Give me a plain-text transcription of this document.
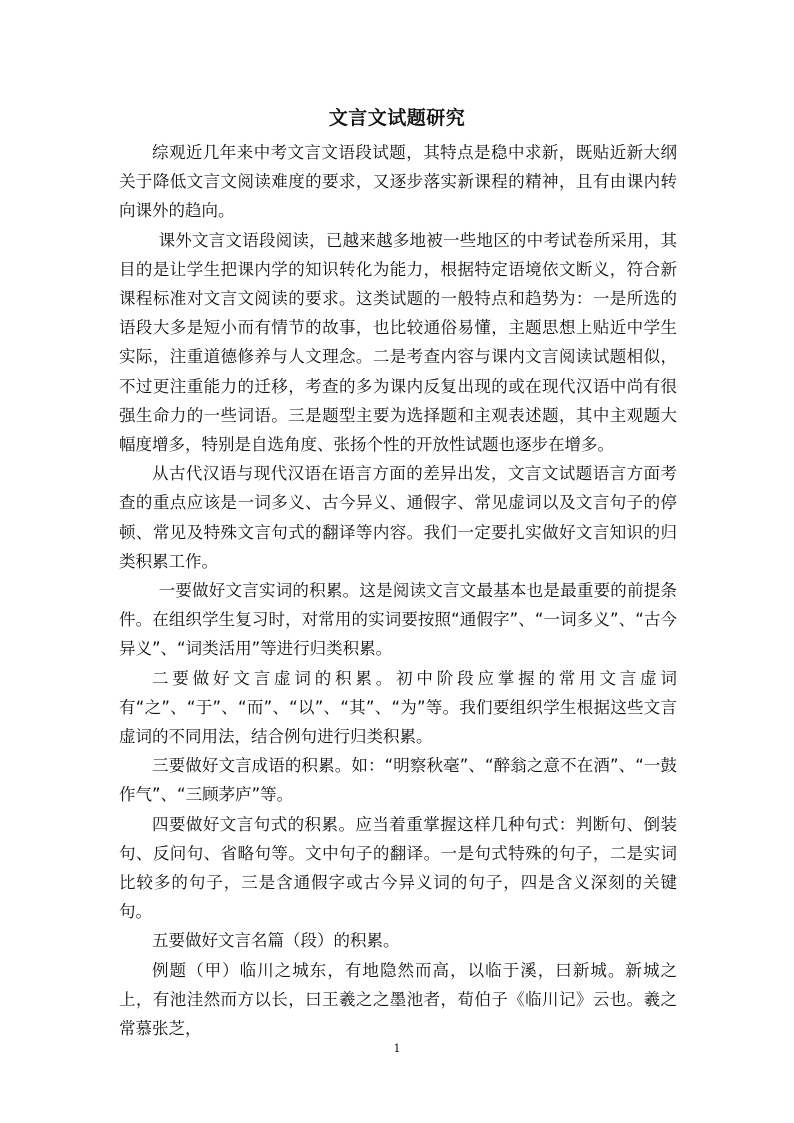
文言文试题研究

综观近几年来中考文言文语段试题，其特点是稳中求新，既贴近新大纲关于降低文言文阅读难度的要求，又逐步落实新课程的精神，且有由课内转向课外的趋向。

课外文言文语段阅读，已越来越多地被一些地区的中考试卷所采用，其目的是让学生把课内学的知识转化为能力，根据特定语境依文断义，符合新课程标准对文言文阅读的要求。这类试题的一般特点和趋势为：一是所选的语段大多是短小而有情节的故事，也比较通俗易懂，主题思想上贴近中学生实际，注重道德修养与人文理念。二是考查内容与课内文言阅读试题相似，不过更注重能力的迁移，考查的多为课内反复出现的或在现代汉语中尚有很强生命力的一些词语。三是题型主要为选择题和主观表述题，其中主观题大幅度增多，特别是自选角度、张扬个性的开放性试题也逐步在增多。

从古代汉语与现代汉语在语言方面的差异出发，文言文试题语言方面考查的重点应该是一词多义、古今异义、通假字、常见虚词以及文言句子的停顿、常见及特殊文言句式的翻译等内容。我们一定要扎实做好文言知识的归类积累工作。

一要做好文言实词的积累。这是阅读文言文最基本也是最重要的前提条件。在组织学生复习时，对常用的实词要按照“通假字”、“一词多义”、“古今异义”、“词类活用”等进行归类积累。

二要做好文言虚词的积累。初中阶段应掌握的常用文言虚词有“之”、“于”、“而”、“以”、“其”、“为”等。我们要组织学生根据这些文言虚词的不同用法，结合例句进行归类积累。

三要做好文言成语的积累。如：“明察秋毫”、“醉翁之意不在酒”、“一鼓作气”、“三顾茅庐”等。

四要做好文言句式的积累。应当着重掌握这样几种句式：判断句、倒装句、反问句、省略句等。文中句子的翻译。一是句式特殊的句子，二是实词比较多的句子，三是含通假字或古今异义词的句子，四是含义深刻的关键句。

五要做好文言名篇（段）的积累。

例题（甲）临川之城东，有地隐然而高，以临于溪，曰新城。新城之上，有池洼然而方以长，曰王羲之之墨池者，荀伯子《临川记》云也。羲之常慕张芝，

1
